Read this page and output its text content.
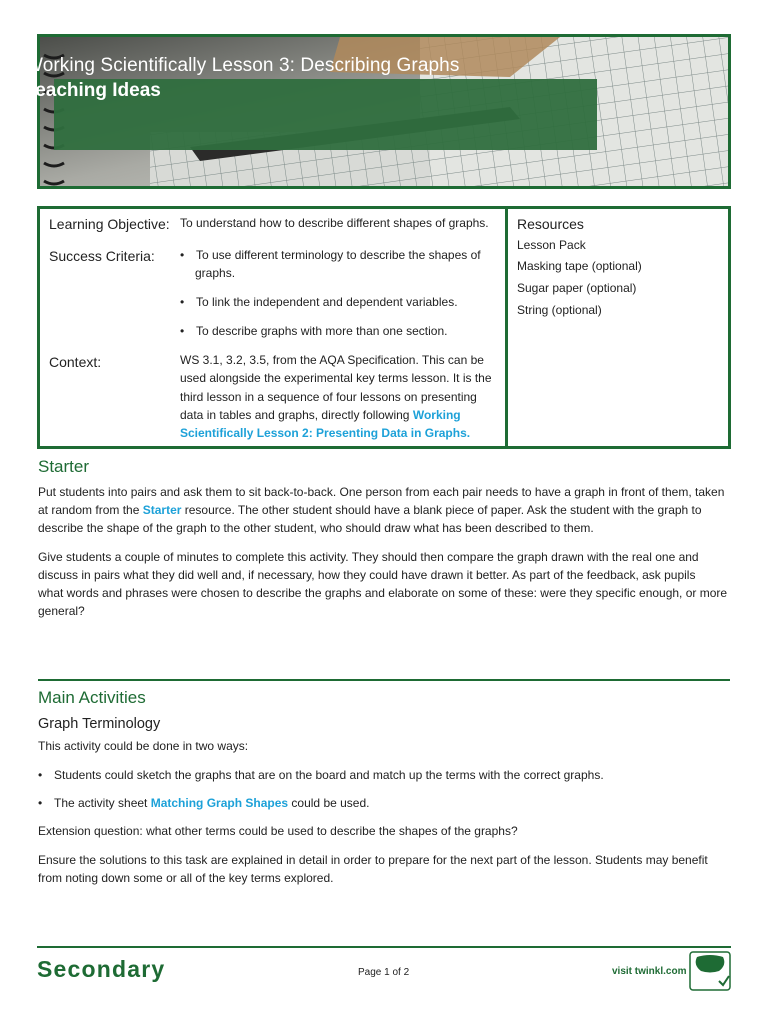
Working Scientifically Lesson 3: Describing Graphs
Teaching Ideas
Learning Objective: To understand how to describe different shapes of graphs.
Success Criteria: • To use different terminology to describe the shapes of
graphs.
• To link the independent and dependent variables.
• To describe graphs with more than one section.
Context:	WS 3.1, 3.2, 3.5, from the AQA Specification. This can be
used alongside the experimental key terms lesson. It is the
third lesson in a sequence of four lessons on presenting
data in tables and graphs, directly following Working
Scientifically Lesson 2: Presenting Data in Graphs.
Resources
Lesson Pack
Masking tape (optional)
Sugar paper (optional)
String (optional)
Starter
Put students into pairs and ask them to sit back-to-back. One person from each pair needs to have a graph in front of them, taken
at random from the Starter resource. The other student should have a blank piece of paper. Ask the student with the graph to
describe the shape of the graph to the other student, who should draw what has been described to them.
Give students a couple of minutes to complete this activity. They should then compare the graph drawn with the real one and
discuss in pairs what they did well and, if necessary, how they could have drawn it better. As part of the feedback, ask pupils
what words and phrases were chosen to describe the graphs and elaborate on some of these: were they specific enough, or more
general?
Main Activities
Graph Terminology
This activity could be done in two ways:
• Students could sketch the graphs that are on the board and match up the terms with the correct graphs.
• The activity sheet Matching Graph Shapes could be used.
Extension question: what other terms could be used to describe the shapes of the graphs?
Ensure the solutions to this task are explained in detail in order to prepare for the next part of the lesson. Students may benefit
from noting down some or all of the key terms explored.
Secondary	Page 1 of 2	visit twinkl.com
